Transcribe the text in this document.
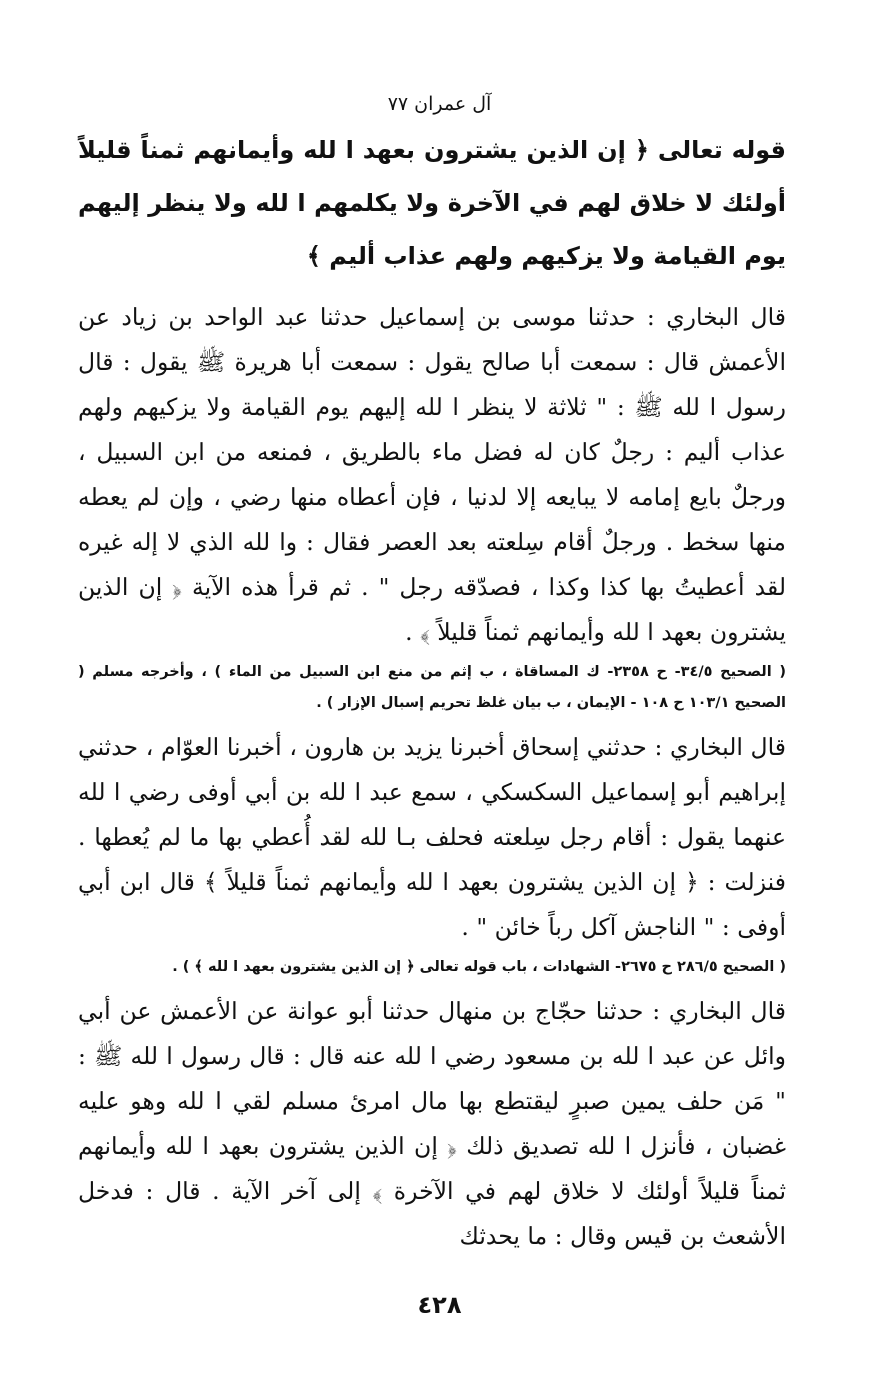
آل عمران ٧٧

قوله تعالى ﴿ إن الذين يشترون بعهد ا لله وأيمانهم ثمناً قليلاً أولئك لا خلاق لهم في الآخرة ولا يكلمهم ا لله ولا ينظر إليهم يوم القيامة ولا يزكيهم ولهم عذاب أليم ﴾

قال البخاري : حدثنا موسى بن إسماعيل حدثنا عبد الواحد بن زياد عن الأعمش قال : سمعت أبا صالح يقول : سمعت أبا هريرة ﷺ يقول : قال رسول ا لله ﷺ : " ثلاثة لا ينظر ا لله إليهم يوم القيامة ولا يزكيهم ولهم عذاب أليم : رجلٌ كان له فضل ماء بالطريق ، فمنعه من ابن السبيل ، ورجلٌ بايع إمامه لا يبايعه إلا لدنيا ، فإن أعطاه منها رضي ، وإن لم يعطه منها سخط . ورجلٌ أقام سِلعته بعد العصر فقال : وا لله الذي لا إله غيره لقد أعطيتُ بها كذا وكذا ، فصدّقه رجل " . ثم قرأ هذه الآية ﴿ إن الذين يشترون بعهد ا لله وأيمانهم ثمناً قليلاً ﴾ .

( الصحيح ٣٤/٥- ح ٢٣٥٨- ك المساقاة ، ب إثم من منع ابن السبيل من الماء ) ، وأخرجه مسلم ( الصحيح ١٠٣/١ ح ١٠٨ - الإيمان ، ب بيان غلظ تحريم إسبال الإزار ) .

قال البخاري : حدثني إسحاق أخبرنا يزيد بن هارون ، أخبرنا العوّام ، حدثني إبراهيم أبو إسماعيل السكسكي ، سمع عبد ا لله بن أبي أوفى رضي ا لله عنهما يقول : أقام رجل سِلعته فحلف بـا لله لقد أُعطي بها ما لم يُعطها . فنزلت : ﴿ إن الذين يشترون بعهد ا لله وأيمانهم ثمناً قليلاً ﴾ قال ابن أبي أوفى : " الناجش آكل رباً خائن " .

( الصحيح ٢٨٦/٥ ح ٢٦٧٥- الشهادات ، باب قوله تعالى ﴿ إن الذين يشترون بعهد ا لله ﴾ ) .

قال البخاري : حدثنا حجّاج بن منهال حدثنا أبو عوانة عن الأعمش عن أبي وائل عن عبد ا لله بن مسعود رضي ا لله عنه قال : قال رسول ا لله ﷺ : " مَن حلف يمين صبرٍ ليقتطع بها مال امرئ مسلم لقي ا لله وهو عليه غضبان ، فأنزل ا لله تصديق ذلك ﴿ إن الذين يشترون بعهد ا لله وأيمانهم ثمناً قليلاً أولئك لا خلاق لهم في الآخرة ﴾ إلى آخر الآية . قال : فدخل الأشعث بن قيس وقال : ما يحدثك

٤٢٨
